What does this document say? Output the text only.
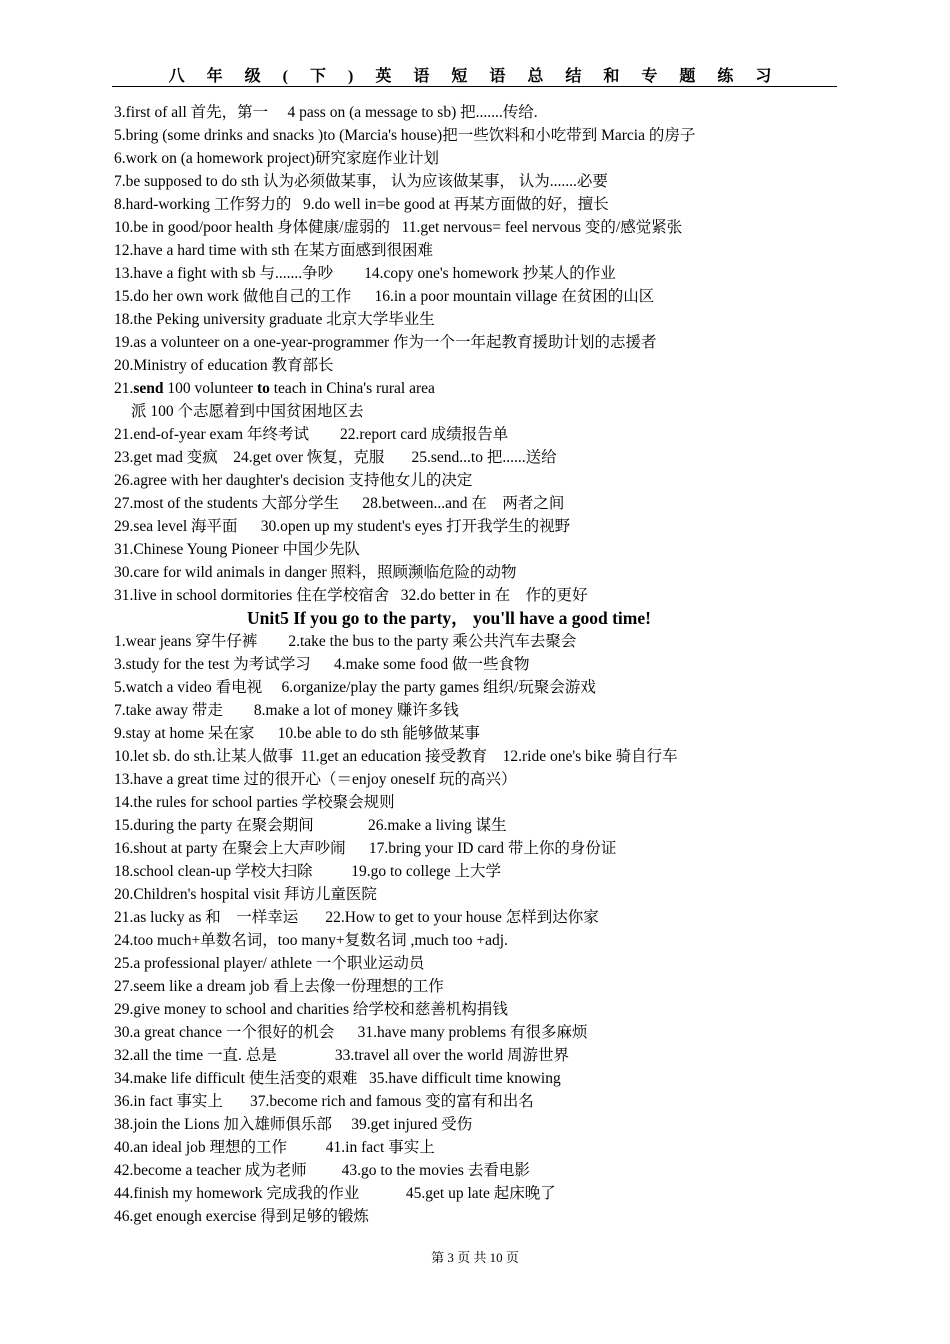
八 年 级 ( 下 ) 英 语 短 语 总 结 和 专 题 练 习
3.first of all 首先，第一     4 pass on (a message to sb) 把.......传给.
5.bring (some drinks and snacks )to (Marcia's house)把一些饮料和小吃带到 Marcia 的房子
6.work on (a homework project)研究家庭作业计划
7.be supposed to do sth 认为必须做某事， 认为应该做某事， 认为.......必要
8.hard-working 工作努力的   9.do well in=be good at 再某方面做的好，擅长
10.be in good/poor health 身体健康/虚弱的   11.get nervous= feel nervous 变的/感觉紧张
12.have a hard time with sth 在某方面感到很困难
13.have a fight with sb 与.......争吵        14.copy one's homework 抄某人的作业
15.do her own work 做他自己的工作      16.in a poor mountain village 在贫困的山区
18.the Peking university graduate 北京大学毕业生
19.as a volunteer on a one-year-programmer 作为一个一年起教育援助计划的志援者
20.Ministry of education 教育部长
21.send 100 volunteer to teach in China's rural area
派 100 个志愿着到中国贫困地区去
21.end-of-year exam 年终考试        22.report card 成绩报告单
23.get mad 变疯    24.get over 恢复，克服       25.send...to 把......送给
26.agree with her daughter's decision 支持他女儿的决定
27.most of the students 大部分学生      28.between...and 在    两者之间
29.sea level 海平面      30.open up my student's eyes 打开我学生的视野
31.Chinese Young Pioneer 中国少先队
30.care for wild animals in danger 照料，照顾濒临危险的动物
31.live in school dormitories 住在学校宿舍   32.do better in 在    作的更好
Unit5 If you go to the party， you'll have a good time!
1.wear jeans 穿牛仔裤        2.take the bus to the party 乘公共汽车去聚会
3.study for the test 为考试学习      4.make some food 做一些食物
5.watch a video 看电视     6.organize/play the party games 组织/玩聚会游戏
7.take away 带走        8.make a lot of money 赚许多钱
9.stay at home 呆在家      10.be able to do sth 能够做某事
10.let sb. do sth.让某人做事  11.get an education 接受教育    12.ride one's bike 骑自行车
13.have a great time 过的很开心（＝enjoy oneself 玩的高兴）
14.the rules for school parties 学校聚会规则
15.during the party 在聚会期间              26.make a living 谋生
16.shout at party 在聚会上大声吵闹      17.bring your ID card 带上你的身份证
18.school clean-up 学校大扫除          19.go to college 上大学
20.Children's hospital visit 拜访儿童医院
21.as lucky as 和    一样幸运       22.How to get to your house 怎样到达你家
24.too much+单数名词，too many+复数名词 ,much too +adj.
25.a professional player/ athlete 一个职业运动员
27.seem like a dream job 看上去像一份理想的工作
29.give money to school and charities 给学校和慈善机构捐钱
30.a great chance 一个很好的机会      31.have many problems 有很多麻烦
32.all the time 一直. 总是               33.travel all over the world 周游世界
34.make life difficult 使生活变的艰难   35.have difficult time knowing
36.in fact 事实上       37.become rich and famous 变的富有和出名
38.join the Lions 加入雄师俱乐部     39.get injured 受伤
40.an ideal job 理想的工作          41.in fact 事实上
42.become a teacher 成为老师         43.go to the movies 去看电影
44.finish my homework 完成我的作业            45.get up late 起床晚了
46.get enough exercise 得到足够的锻炼
第 3 页 共 10 页
